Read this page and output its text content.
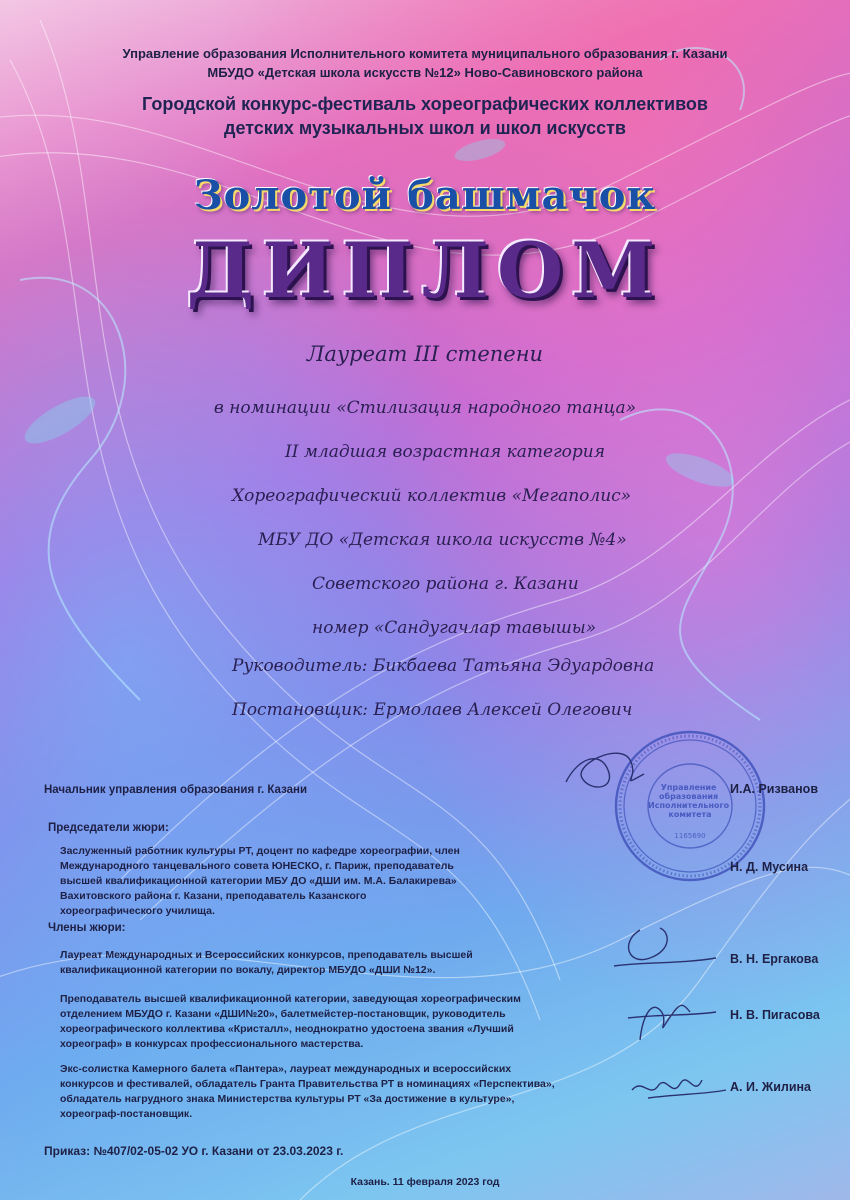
Управление образования Исполнительного комитета муниципального образования г. Казани
МБУДО «Детская школа искусств №12» Ново-Савиновского района
Городской конкурс-фестиваль хореографических коллективов
детских музыкальных школ и школ искусств
Золотой башмачок
ДИПЛОМ
Лауреат III степени
в номинации «Стилизация народного танца»
II младшая возрастная категория
Хореографический коллектив «Мегаполис»
МБУ ДО «Детская школа искусств №4»
Советского района г. Казани
номер «Сандугачлар тавышы»
Руководитель: Бикбаева Татьяна Эдуардовна
Постановщик: Ермолаев Алексей Олегович
Управление образования Исполнительного комитета
1165690
Начальник управления образования г. Казани	И.А. Ризванов
Председатели жюри:
Заслуженный работник культуры РТ, доцент по кафедре хореографии, член Международного танцевального совета ЮНЕСКО, г. Париж, преподаватель высшей квалификационной категории МБУ ДО «ДШИ им. М.А. Балакирева» Вахитовского района г. Казани, преподаватель Казанского хореографического училища.
Н. Д. Мусина
Члены жюри:
Лауреат Международных и Всероссийских конкурсов, преподаватель высшей квалификационной категории по вокалу, директор МБУДО «ДШИ №12».
В. Н. Ергакова
Преподаватель высшей квалификационной категории, заведующая хореографическим отделением МБУДО г. Казани «ДШИ№20», балетмейстер-постановщик, руководитель хореографического коллектива «Кристалл», неоднократно удостоена звания «Лучший хореограф» в конкурсах профессионального мастерства.
Н. В. Пигасова
Экс-солистка Камерного балета «Пантера», лауреат международных и всероссийских конкурсов и фестивалей, обладатель Гранта Правительства РТ в номинациях «Перспектива», обладатель нагрудного знака Министерства культуры РТ «За достижение в культуре», хореограф-постановщик.
А. И. Жилина
Приказ: №407/02-05-02 УО г. Казани от 23.03.2023 г.
Казань. 11 февраля 2023 год
